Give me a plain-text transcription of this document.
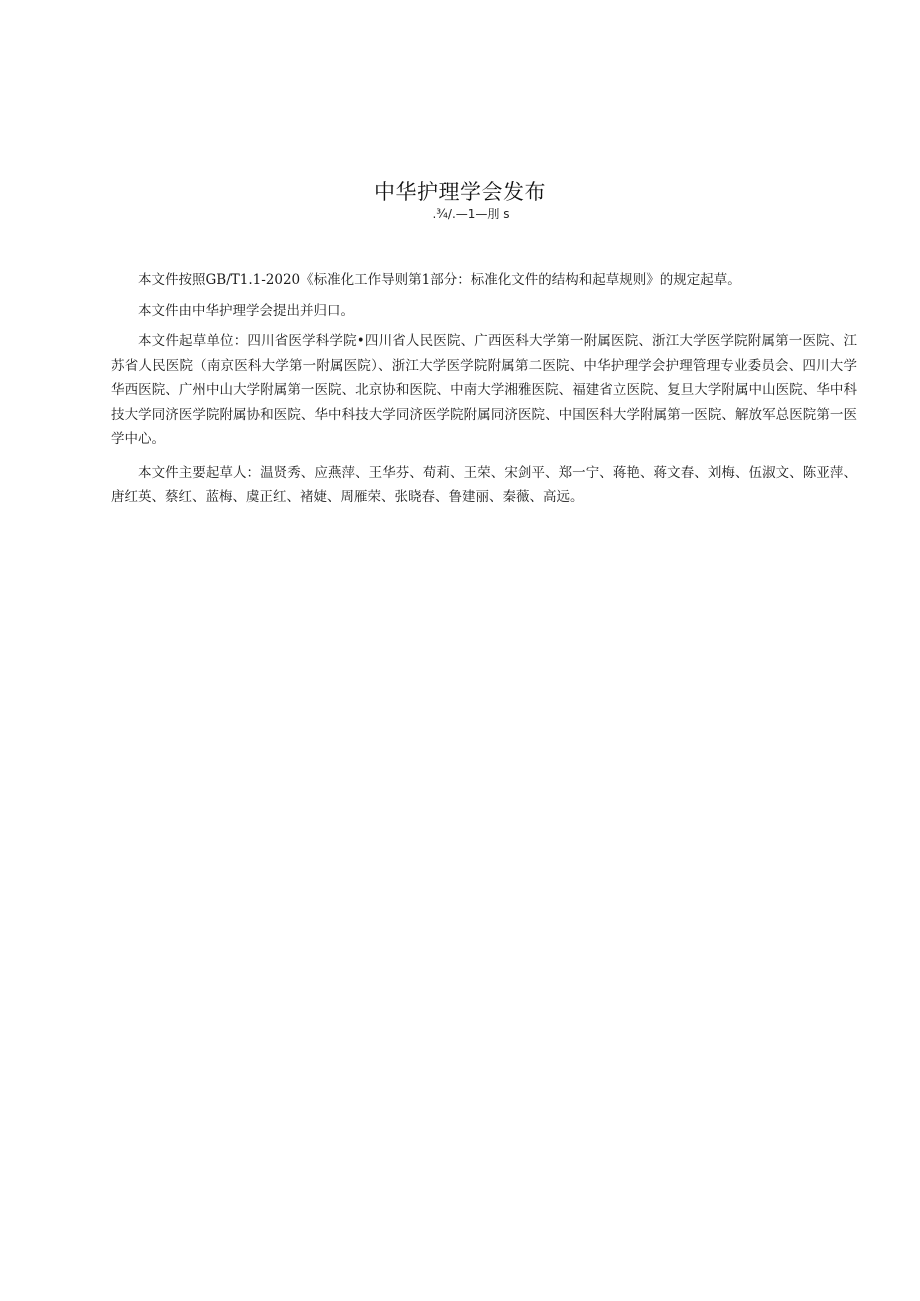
中华护理学会发布
.¾/.—1—刖 s

本文件按照GB/T1.1-2020《标准化工作导则第1部分：标准化文件的结构和起草规则》的规定起草。

本文件由中华护理学会提出并归口。

本文件起草单位：四川省医学科学院•四川省人民医院、广西医科大学第一附属医院、浙江大学医学院附属第一医院、江苏省人民医院（南京医科大学第一附属医院）、浙江大学医学院附属第二医院、中华护理学会护理管理专业委员会、四川大学华西医院、广州中山大学附属第一医院、北京协和医院、中南大学湘雅医院、福建省立医院、复旦大学附属中山医院、华中科技大学同济医学院附属协和医院、华中科技大学同济医学院附属同济医院、中国医科大学附属第一医院、解放军总医院第一医学中心。

本文件主要起草人：温贤秀、应燕萍、王华芬、荀莉、王荣、宋剑平、郑一宁、蒋艳、蒋文春、刘梅、伍淑文、陈亚萍、唐红英、蔡红、蓝梅、虞正红、褚婕、周雁荣、张晓春、鲁建丽、秦薇、高远。
